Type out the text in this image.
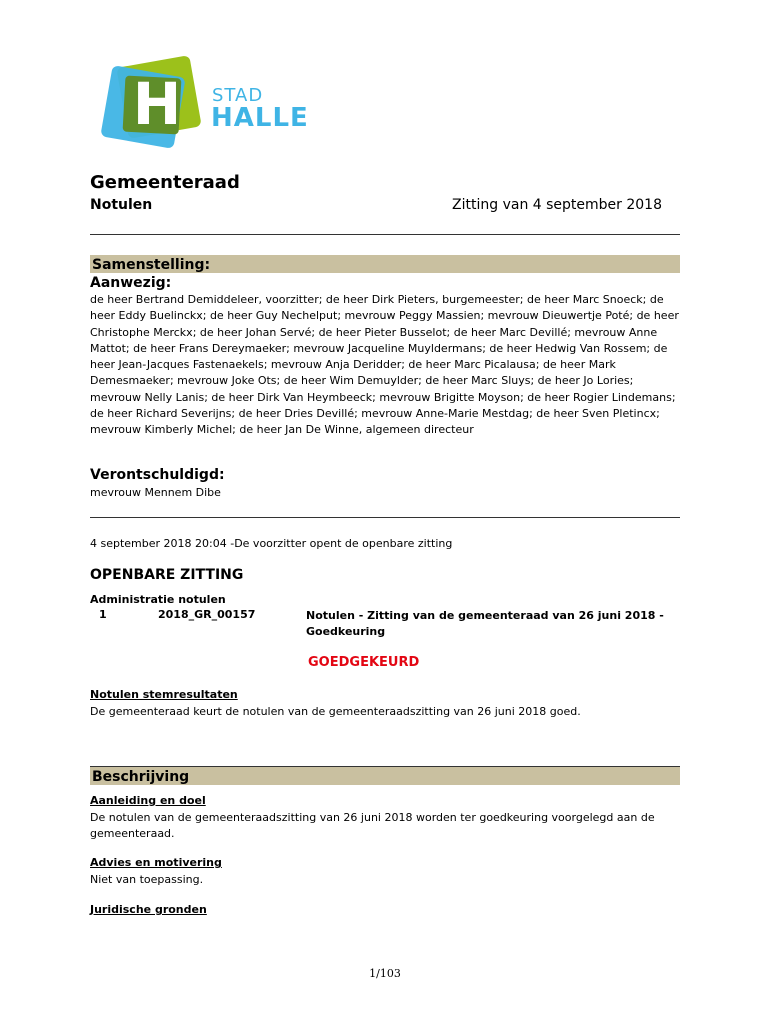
H STAD
HALLE
Gemeenteraad
Notulen	Zitting van 4 september 2018
Samenstelling:
Aanwezig:
de heer Bertrand Demiddeleer, voorzitter; de heer Dirk Pieters, burgemeester; de heer Marc Snoeck; de heer Eddy Buelinckx; de heer Guy Nechelput; mevrouw Peggy Massien; mevrouw Dieuwertje Poté; de heer Christophe Merckx; de heer Johan Servé; de heer Pieter Busselot; de heer Marc Devillé; mevrouw Anne Mattot; de heer Frans Dereymaeker; mevrouw Jacqueline Muyldermans; de heer Hedwig Van Rossem; de heer Jean-Jacques Fastenaekels; mevrouw Anja Deridder; de heer Marc Picalausa; de heer Mark Demesmaeker; mevrouw Joke Ots; de heer Wim Demuylder; de heer Marc Sluys; de heer Jo Lories; mevrouw Nelly Lanis; de heer Dirk Van Heymbeeck; mevrouw Brigitte Moyson; de heer Rogier Lindemans; de heer Richard Severijns; de heer Dries Devillé; mevrouw Anne-Marie Mestdag; de heer Sven Pletincx; mevrouw Kimberly Michel; de heer Jan De Winne, algemeen directeur
Verontschuldigd:
mevrouw Mennem Dibe
4 september 2018 20:04 -De voorzitter opent de openbare zitting
OPENBARE ZITTING
Administratie notulen
1	2018_GR_00157	Notulen - Zitting van de gemeenteraad van 26 juni 2018 - Goedkeuring
GOEDGEKEURD
Notulen stemresultaten
De gemeenteraad keurt de notulen van de gemeenteraadszitting van 26 juni 2018 goed.
Beschrijving
Aanleiding en doel
De notulen van de gemeenteraadszitting van 26 juni 2018 worden ter goedkeuring voorgelegd aan de gemeenteraad.
Advies en motivering
Niet van toepassing.
Juridische gronden
1/103
